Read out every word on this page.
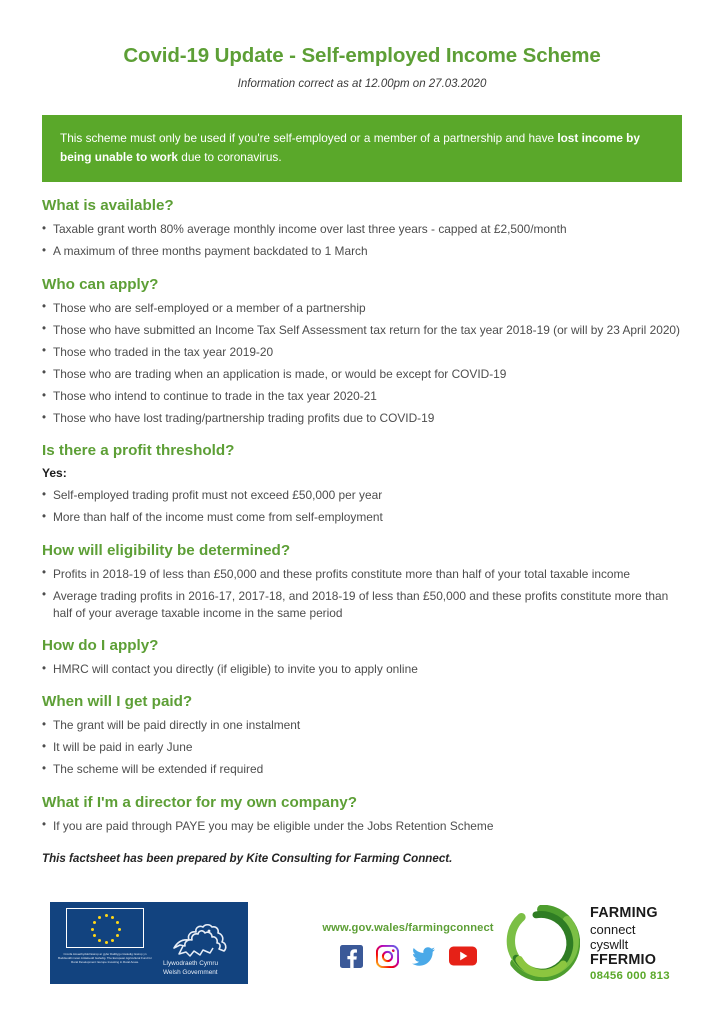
Covid-19 Update - Self-employed Income Scheme
Information correct as at 12.00pm on 27.03.2020
This scheme must only be used if you're self-employed or a member of a partnership and have lost income by being unable to work due to coronavirus.
What is available?
• Taxable grant worth 80% average monthly income over last three years - capped at £2,500/month
• A maximum of three months payment backdated to 1 March
Who can apply?
• Those who are self-employed or a member of a partnership
• Those who have submitted an Income Tax Self Assessment tax return for the tax year 2018-19 (or will by 23 April 2020)
• Those who traded in the tax year 2019-20
• Those who are trading when an application is made, or would be except for COVID-19
• Those who intend to continue to trade in the tax year 2020-21
• Those who have lost trading/partnership trading profits due to COVID-19
Is there a profit threshold?
Yes:
• Self-employed trading profit must not exceed £50,000 per year
• More than half of the income must come from self-employment
How will eligibility be determined?
• Profits in 2018-19 of less than £50,000 and these profits constitute more than half of your total taxable income
• Average trading profits in 2016-17, 2017-18, and 2018-19 of less than £50,000 and these profits constitute more than half of your average taxable income in the same period
How do I apply?
• HMRC will contact you directly (if eligible) to invite you to apply online
When will I get paid?
• The grant will be paid directly in one instalment
• It will be paid in early June
• The scheme will be extended if required
What if I'm a director for my own company?
• If you are paid through PAYE you may be eligible under the Jobs Retention Scheme
This factsheet has been prepared by Kite Consulting for Farming Connect.
Cronfa Amaethyddol Ewrop ar gyfer Datblygu Gwledig: Ewrop yn Buddsoddi mewn Ardaloedd Gwledig. The European Agricultural Fund for Rural Development: Europe Investing in Rural Areas.	Llywodraeth Cymru
Welsh Government
www.gov.wales/farmingconnect
FARMING
connect
cyswllt
FFERMIO
08456 000 813
